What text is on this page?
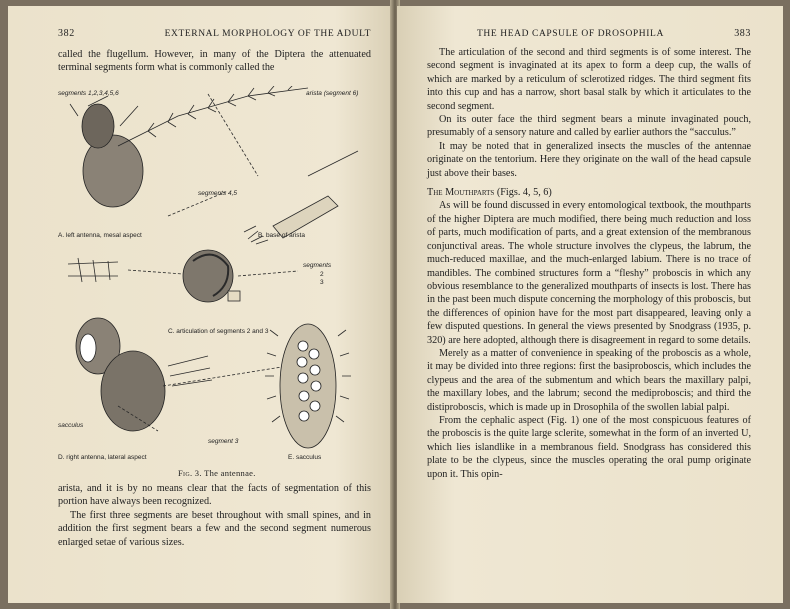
382	EXTERNAL MORPHOLOGY OF THE ADULT

called the flugellum. However, in many of the Diptera the attenuated terminal segments form what is commonly called the

segments 1,2,3,4,5,6	arista (segment 6)
segments 4,5
A. left antenna, mesal aspect	B. base of arista
segments
2
3
C. articulation of segments 2 and 3
sacculus
segment 3
D. right antenna, lateral aspect	E. sacculus
Fig. 3. The antennae.

arista, and it is by no means clear that the facts of segmentation of this portion have always been recognized.

The first three segments are beset throughout with small spines, and in addition the first segment bears a few and the second segment numerous enlarged setae of various sizes.

THE HEAD CAPSULE OF DROSOPHILA	383

The articulation of the second and third segments is of some interest. The second segment is invaginated at its apex to form a deep cup, the walls of which are marked by a reticulum of sclerotized ridges. The third segment fits into this cup and has a narrow, short basal stalk by which it articulates to the second segment.

On its outer face the third segment bears a minute invaginated pouch, presumably of a sensory nature and called by earlier authors the “sacculus.”

It may be noted that in generalized insects the muscles of the antennae originate on the tentorium. Here they originate on the wall of the head capsule just above their bases.

The Mouthparts (Figs. 4, 5, 6)

As will be found discussed in every entomological textbook, the mouthparts of the higher Diptera are much modified, there being much reduction and loss of parts, much modification of parts, and a great extension of the membranous conjunctival areas. The whole structure involves the clypeus, the labrum, the much-reduced maxillae, and the much-enlarged labium. There is no trace of mandibles. The combined structures form a “fleshy” proboscis in which any obvious resemblance to the generalized mouthparts of insects is lost. There has in the past been much dispute concerning the morphology of this proboscis, but the differences of opinion have for the most part disappeared, leaving only a few disputed questions. In general the views presented by Snodgrass (1935, p. 320) are here adopted, although there is disagreement in regard to some details.

Merely as a matter of convenience in speaking of the proboscis as a whole, it may be divided into three regions: first the basiproboscis, which includes the clypeus and the area of the submentum and which bears the maxillary palpi, the maxillary lobes, and the labrum; second the mediproboscis; and third the distiproboscis, which is made up in Drosophila of the swollen labial palpi.

From the cephalic aspect (Fig. 1) one of the most conspicuous features of the proboscis is the quite large sclerite, somewhat in the form of an inverted U, which lies islandlike in a membranous field. Snodgrass has considered this plate to be the clypeus, since the muscles operating the oral pump originate upon it. This opin-
